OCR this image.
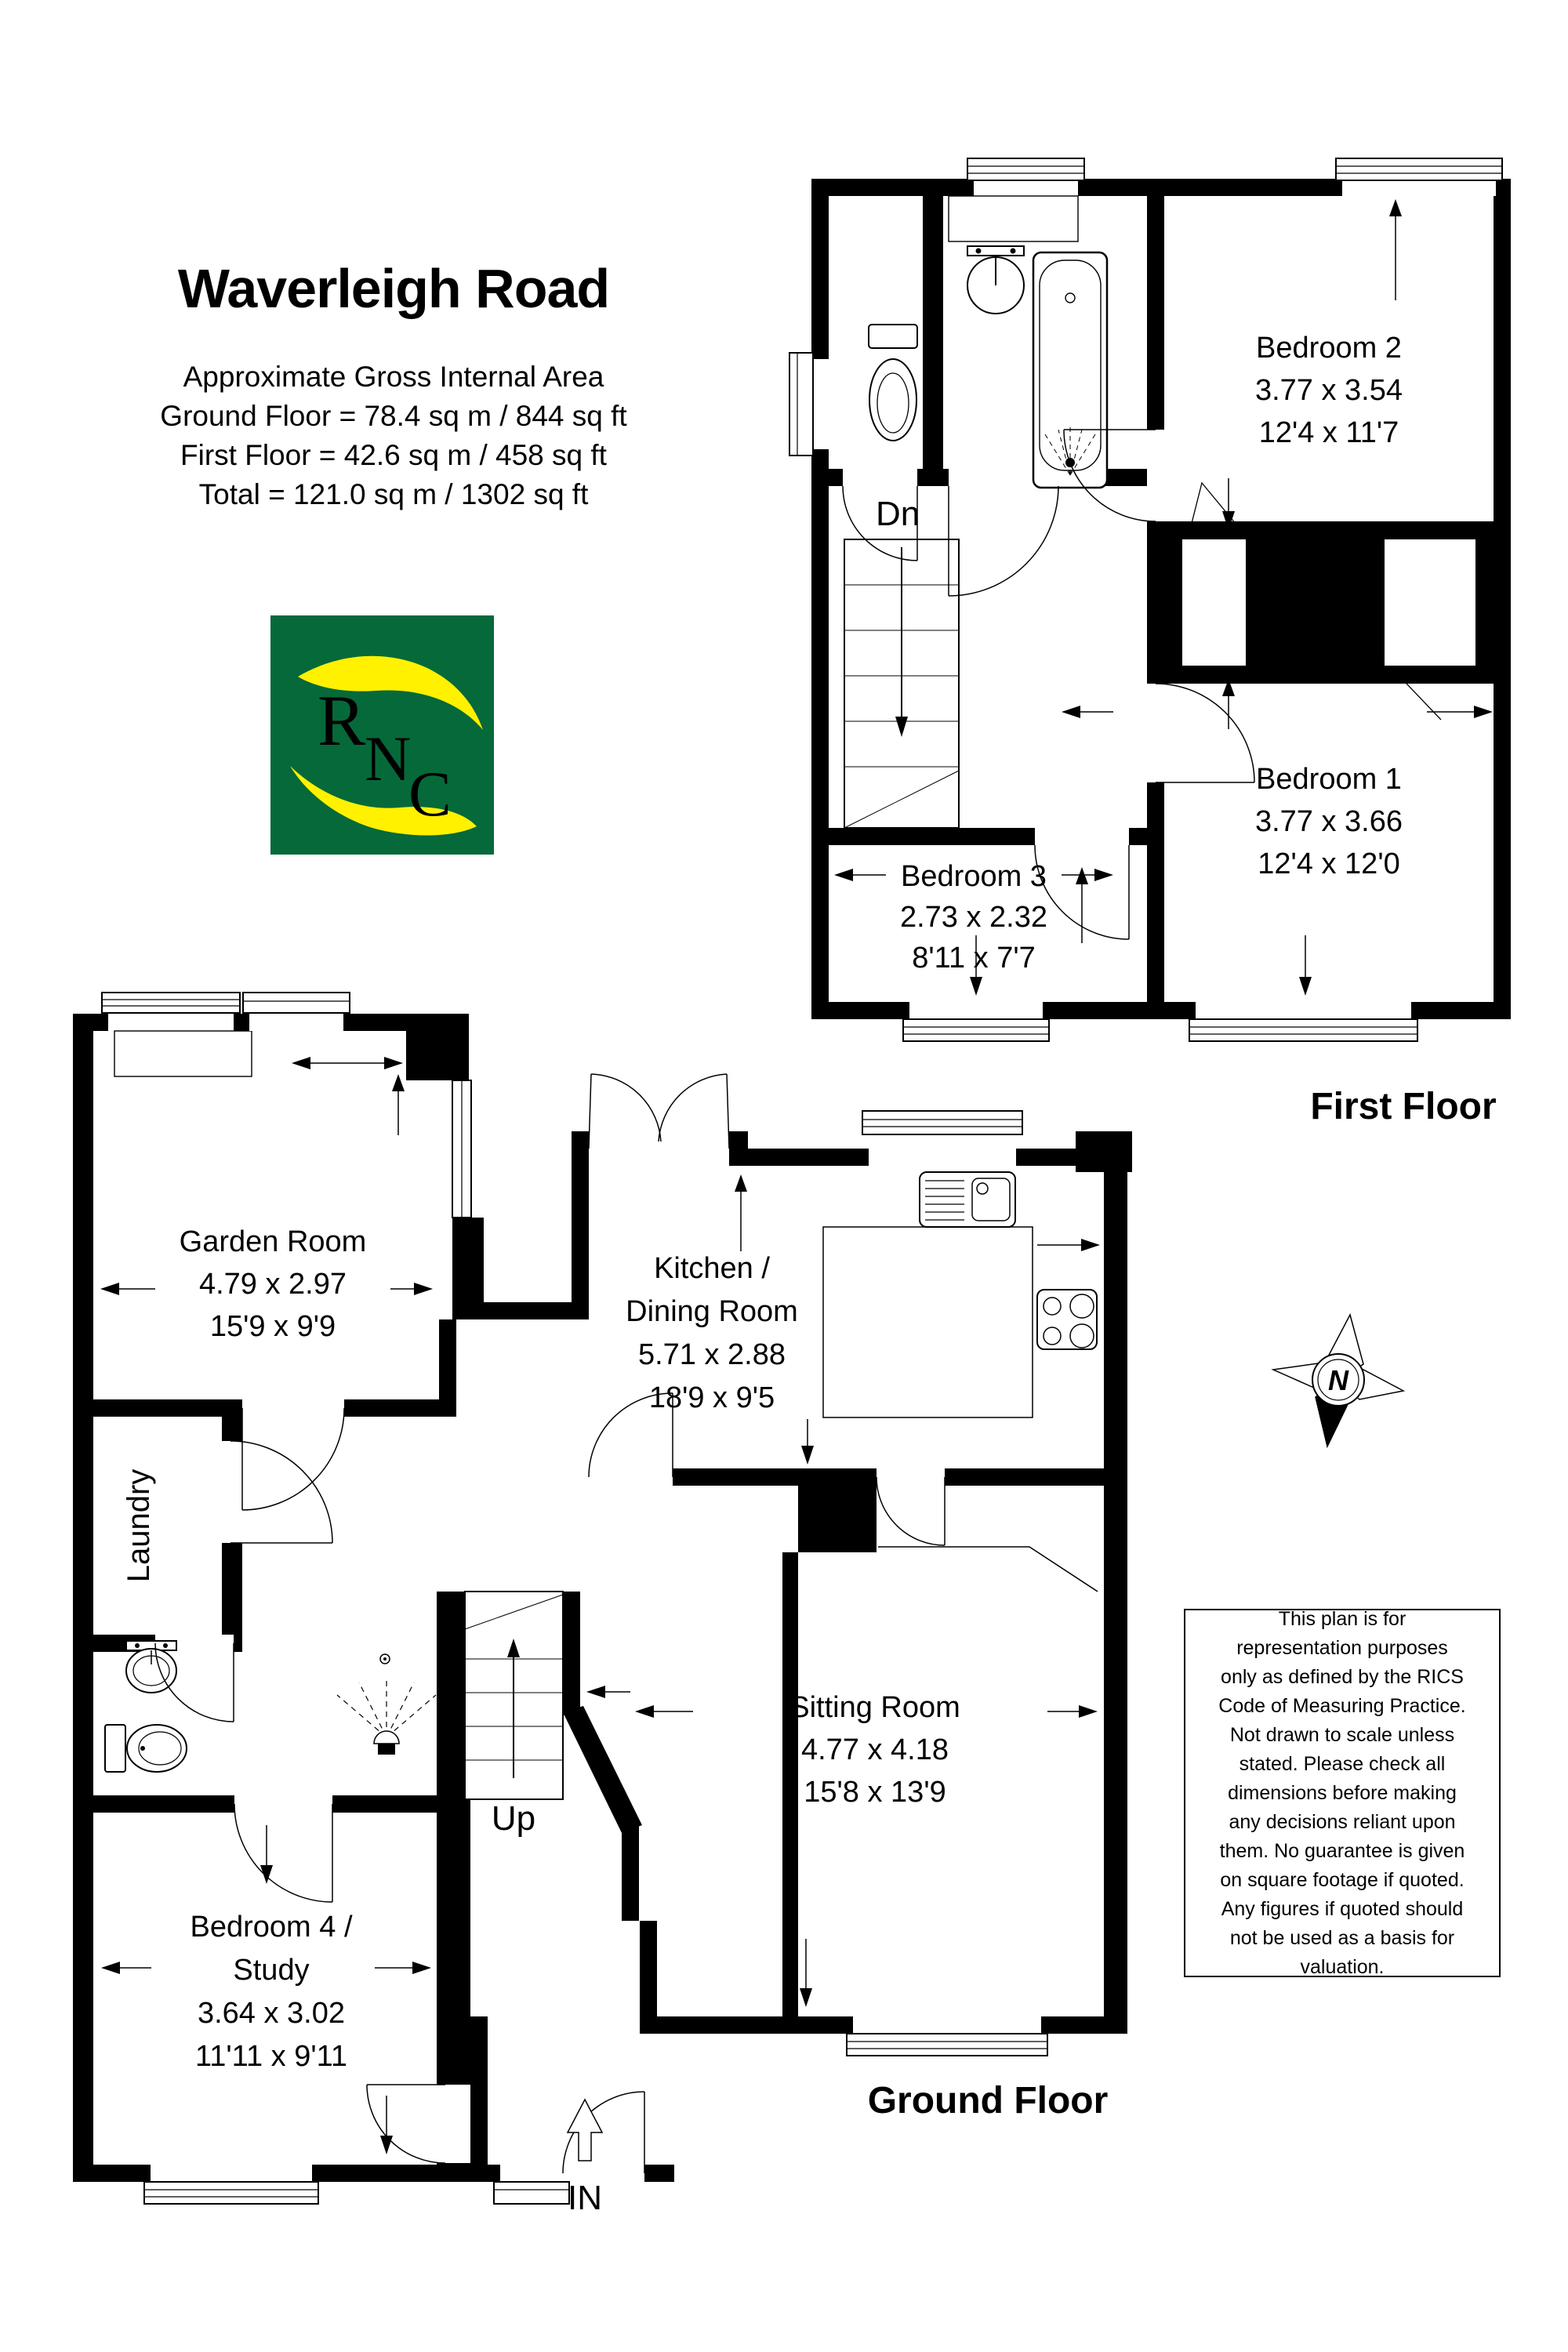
Waverleigh Road
Approximate Gross Internal Area
Ground Floor = 78.4 sq m / 844 sq ft
First Floor = 42.6 sq m / 458 sq ft
Total = 121.0 sq m / 1302 sq ft
R
N
C
Dn
Bedroom 2
3.77 x 3.54
12'4 x 11'7
Bedroom 1
3.77 x 3.66
12'4 x 12'0
Bedroom 3
2.73 x 2.32
8'11 x 7'7
First Floor
Garden Room
4.79 x 2.97
15'9 x 9'9
Kitchen /
Dining Room
5.71 x 2.88
18'9 x 9'5
Sitting Room
4.77 x 4.18
15'8 x 13'9
Bedroom 4 /
Study
3.64 x 3.02
11'11 x 9'11
Laundry
Up
IN
Ground Floor
N
This plan is for representation purposes only as defined by the RICS Code of Measuring Practice. Not drawn to scale unless stated. Please check all dimensions before making any decisions reliant upon them. No guarantee is given on square footage if quoted. Any figures if quoted should not be used as a basis for valuation.
